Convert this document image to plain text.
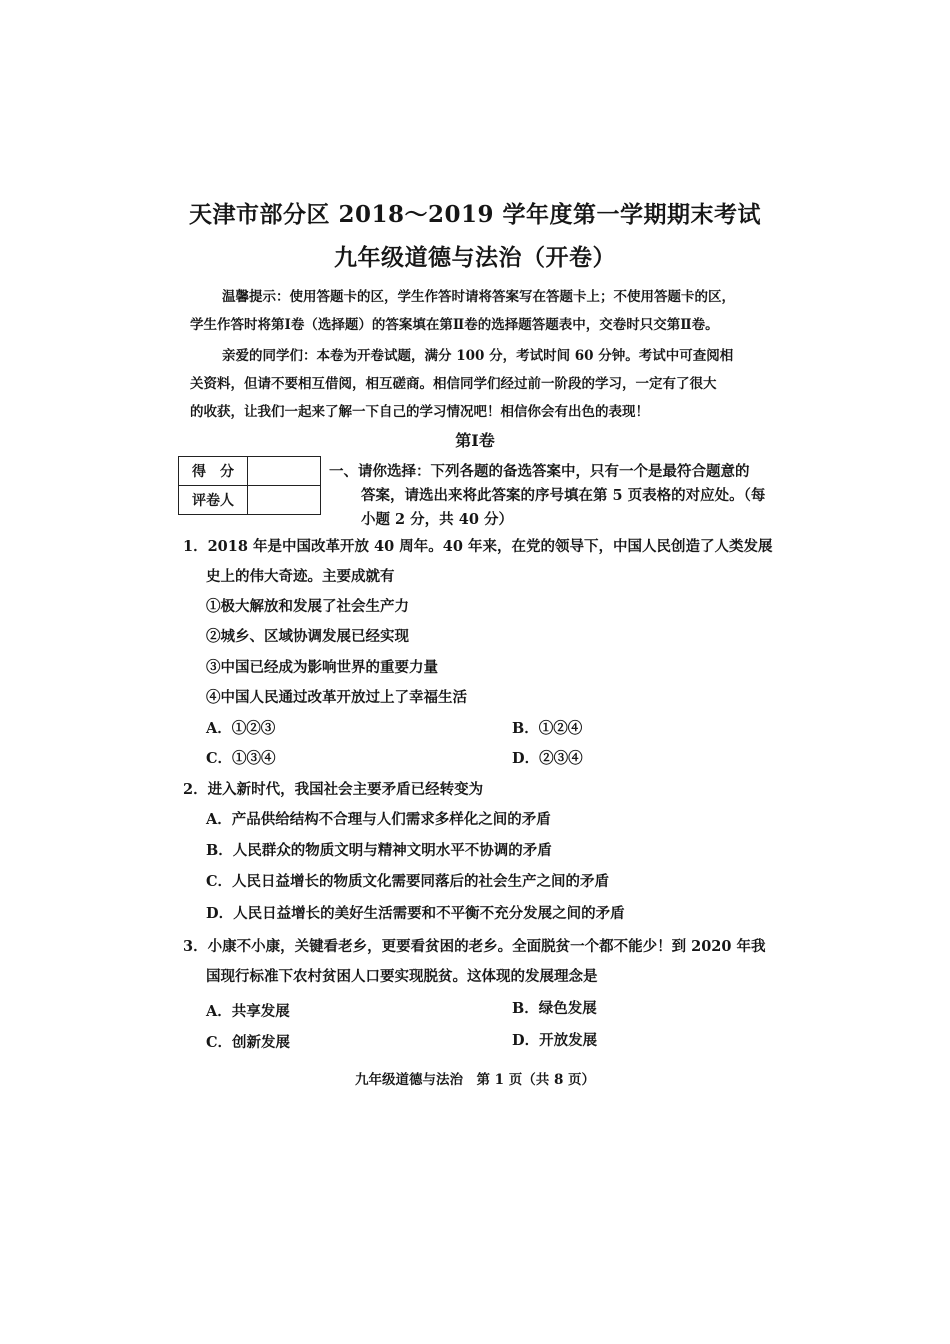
天津市部分区 2018～2019 学年度第一学期期末考试
九年级道德与法治（开卷）
温馨提示：使用答题卡的区，学生作答时请将答案写在答题卡上；不使用答题卡的区，
学生作答时将第Ⅰ卷（选择题）的答案填在第Ⅱ卷的选择题答题表中，交卷时只交第Ⅱ卷。
亲爱的同学们：本卷为开卷试题，满分 100 分，考试时间 60 分钟。考试中可查阅相
关资料，但请不要相互借阅，相互磋商。相信同学们经过前一阶段的学习，一定有了很大
的收获，让我们一起来了解一下自己的学习情况吧！相信你会有出色的表现！
第Ⅰ卷
得　分	
评卷人	
一、请你选择：下列各题的备选答案中，只有一个是最符合题意的
答案，请选出来将此答案的序号填在第 5 页表格的对应处。（每
小题 2 分，共 40 分）
1．2018 年是中国改革开放 40 周年。40 年来，在党的领导下，中国人民创造了人类发展
史上的伟大奇迹。主要成就有
①极大解放和发展了社会生产力
②城乡、区域协调发展已经实现
③中国已经成为影响世界的重要力量
④中国人民通过改革开放过上了幸福生活
A．①②③	B．①②④
C．①③④	D．②③④
2．进入新时代，我国社会主要矛盾已经转变为
A．产品供给结构不合理与人们需求多样化之间的矛盾
B．人民群众的物质文明与精神文明水平不协调的矛盾
C．人民日益增长的物质文化需要同落后的社会生产之间的矛盾
D．人民日益增长的美好生活需要和不平衡不充分发展之间的矛盾
3．小康不小康，关键看老乡，更要看贫困的老乡。全面脱贫一个都不能少！到 2020 年我
国现行标准下农村贫困人口要实现脱贫。这体现的发展理念是
A．共享发展	B．绿色发展
C．创新发展	D．开放发展
九年级道德与法治　第 1 页（共 8 页）
